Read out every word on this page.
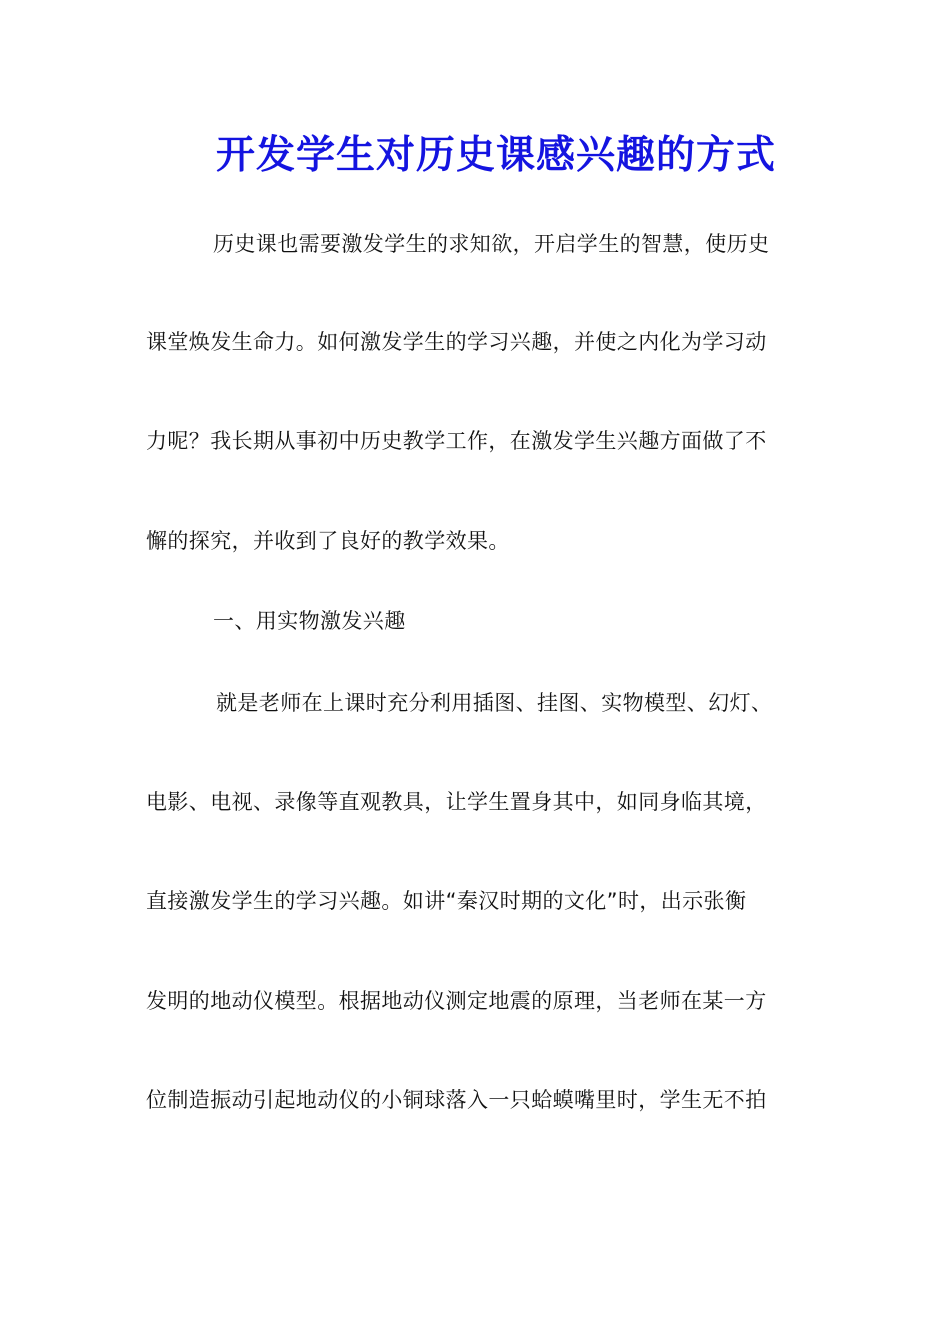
开发学生对历史课感兴趣的方式

历史课也需要激发学生的求知欲，开启学生的智慧，使历史

课堂焕发生命力。如何激发学生的学习兴趣，并使之内化为学习动

力呢？我长期从事初中历史教学工作，在激发学生兴趣方面做了不

懈的探究，并收到了良好的教学效果。

一、用实物激发兴趣

就是老师在上课时充分利用插图、挂图、实物模型、幻灯、

电影、电视、录像等直观教具，让学生置身其中，如同身临其境，

直接激发学生的学习兴趣。如讲“秦汉时期的文化”时，出示张衡

发明的地动仪模型。根据地动仪测定地震的原理，当老师在某一方

位制造振动引起地动仪的小铜球落入一只蛤蟆嘴里时，学生无不拍
